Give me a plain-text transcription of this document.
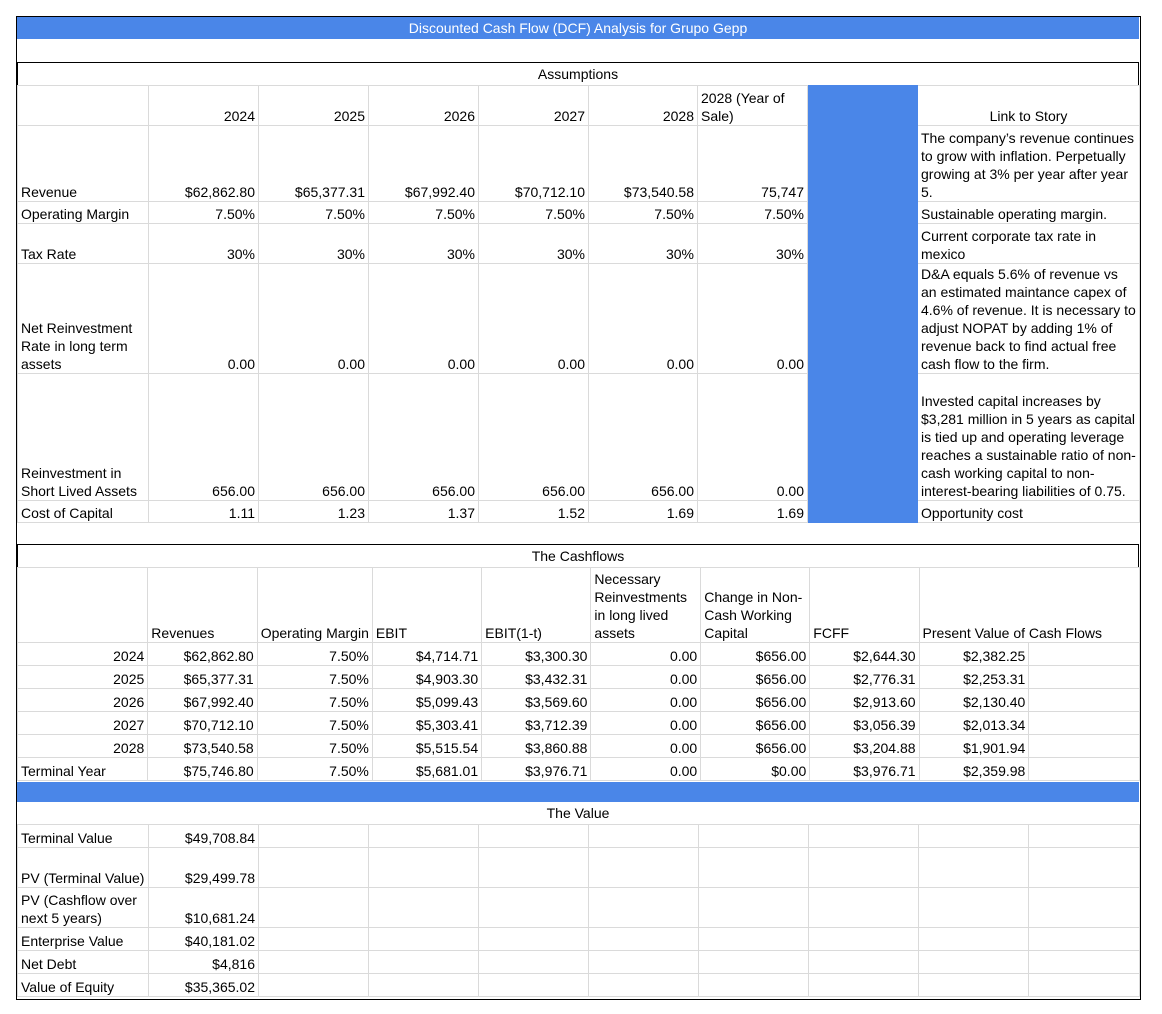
Discounted Cash Flow (DCF) Analysis for Grupo Gepp
Assumptions
	2024	2025	2026	2027	2028	2028 (Year of Sale)		Link to Story
Revenue	$62,862.80	$65,377.31	$67,992.40	$70,712.10	$73,540.58	75,747		The company’s revenue continues to grow with inflation. Perpetually growing at 3% per year after year 5.
Operating Margin	7.50%	7.50%	7.50%	7.50%	7.50%	7.50%		Sustainable operating margin.
Tax Rate	30%	30%	30%	30%	30%	30%		Current corporate tax rate in mexico
Net Reinvestment Rate in long term assets	0.00	0.00	0.00	0.00	0.00	0.00		D&A equals 5.6% of revenue vs an estimated maintance capex of 4.6% of revenue. It is necessary to adjust NOPAT by adding 1% of revenue back to find actual free cash flow to the firm.
Reinvestment in Short Lived Assets	656.00	656.00	656.00	656.00	656.00	0.00		Invested capital increases by $3,281 million in 5 years as capital is tied up and operating leverage reaches a sustainable ratio of non-cash working capital to non-interest-bearing liabilities of 0.75.
Cost of Capital	1.11	1.23	1.37	1.52	1.69	1.69		Opportunity cost
The Cashflows
	Revenues	Operating Margin	EBIT	EBIT(1-t)	Necessary Reinvestments in long lived assets	Change in Non-Cash Working Capital	FCFF	Present Value of Cash Flows	
2024	$62,862.80	7.50%	$4,714.71	$3,300.30	0.00	$656.00	$2,644.30	$2,382.25	
2025	$65,377.31	7.50%	$4,903.30	$3,432.31	0.00	$656.00	$2,776.31	$2,253.31	
2026	$67,992.40	7.50%	$5,099.43	$3,569.60	0.00	$656.00	$2,913.60	$2,130.40	
2027	$70,712.10	7.50%	$5,303.41	$3,712.39	0.00	$656.00	$3,056.39	$2,013.34	
2028	$73,540.58	7.50%	$5,515.54	$3,860.88	0.00	$656.00	$3,204.88	$1,901.94	
Terminal Year	$75,746.80	7.50%	$5,681.01	$3,976.71	0.00	$0.00	$3,976.71	$2,359.98	
The Value
Terminal Value	$49,708.84								
PV (Terminal Value)	$29,499.78								
PV (Cashflow over next 5 years)	$10,681.24								
Enterprise Value	$40,181.02								
Net Debt	$4,816								
Value of Equity	$35,365.02								
